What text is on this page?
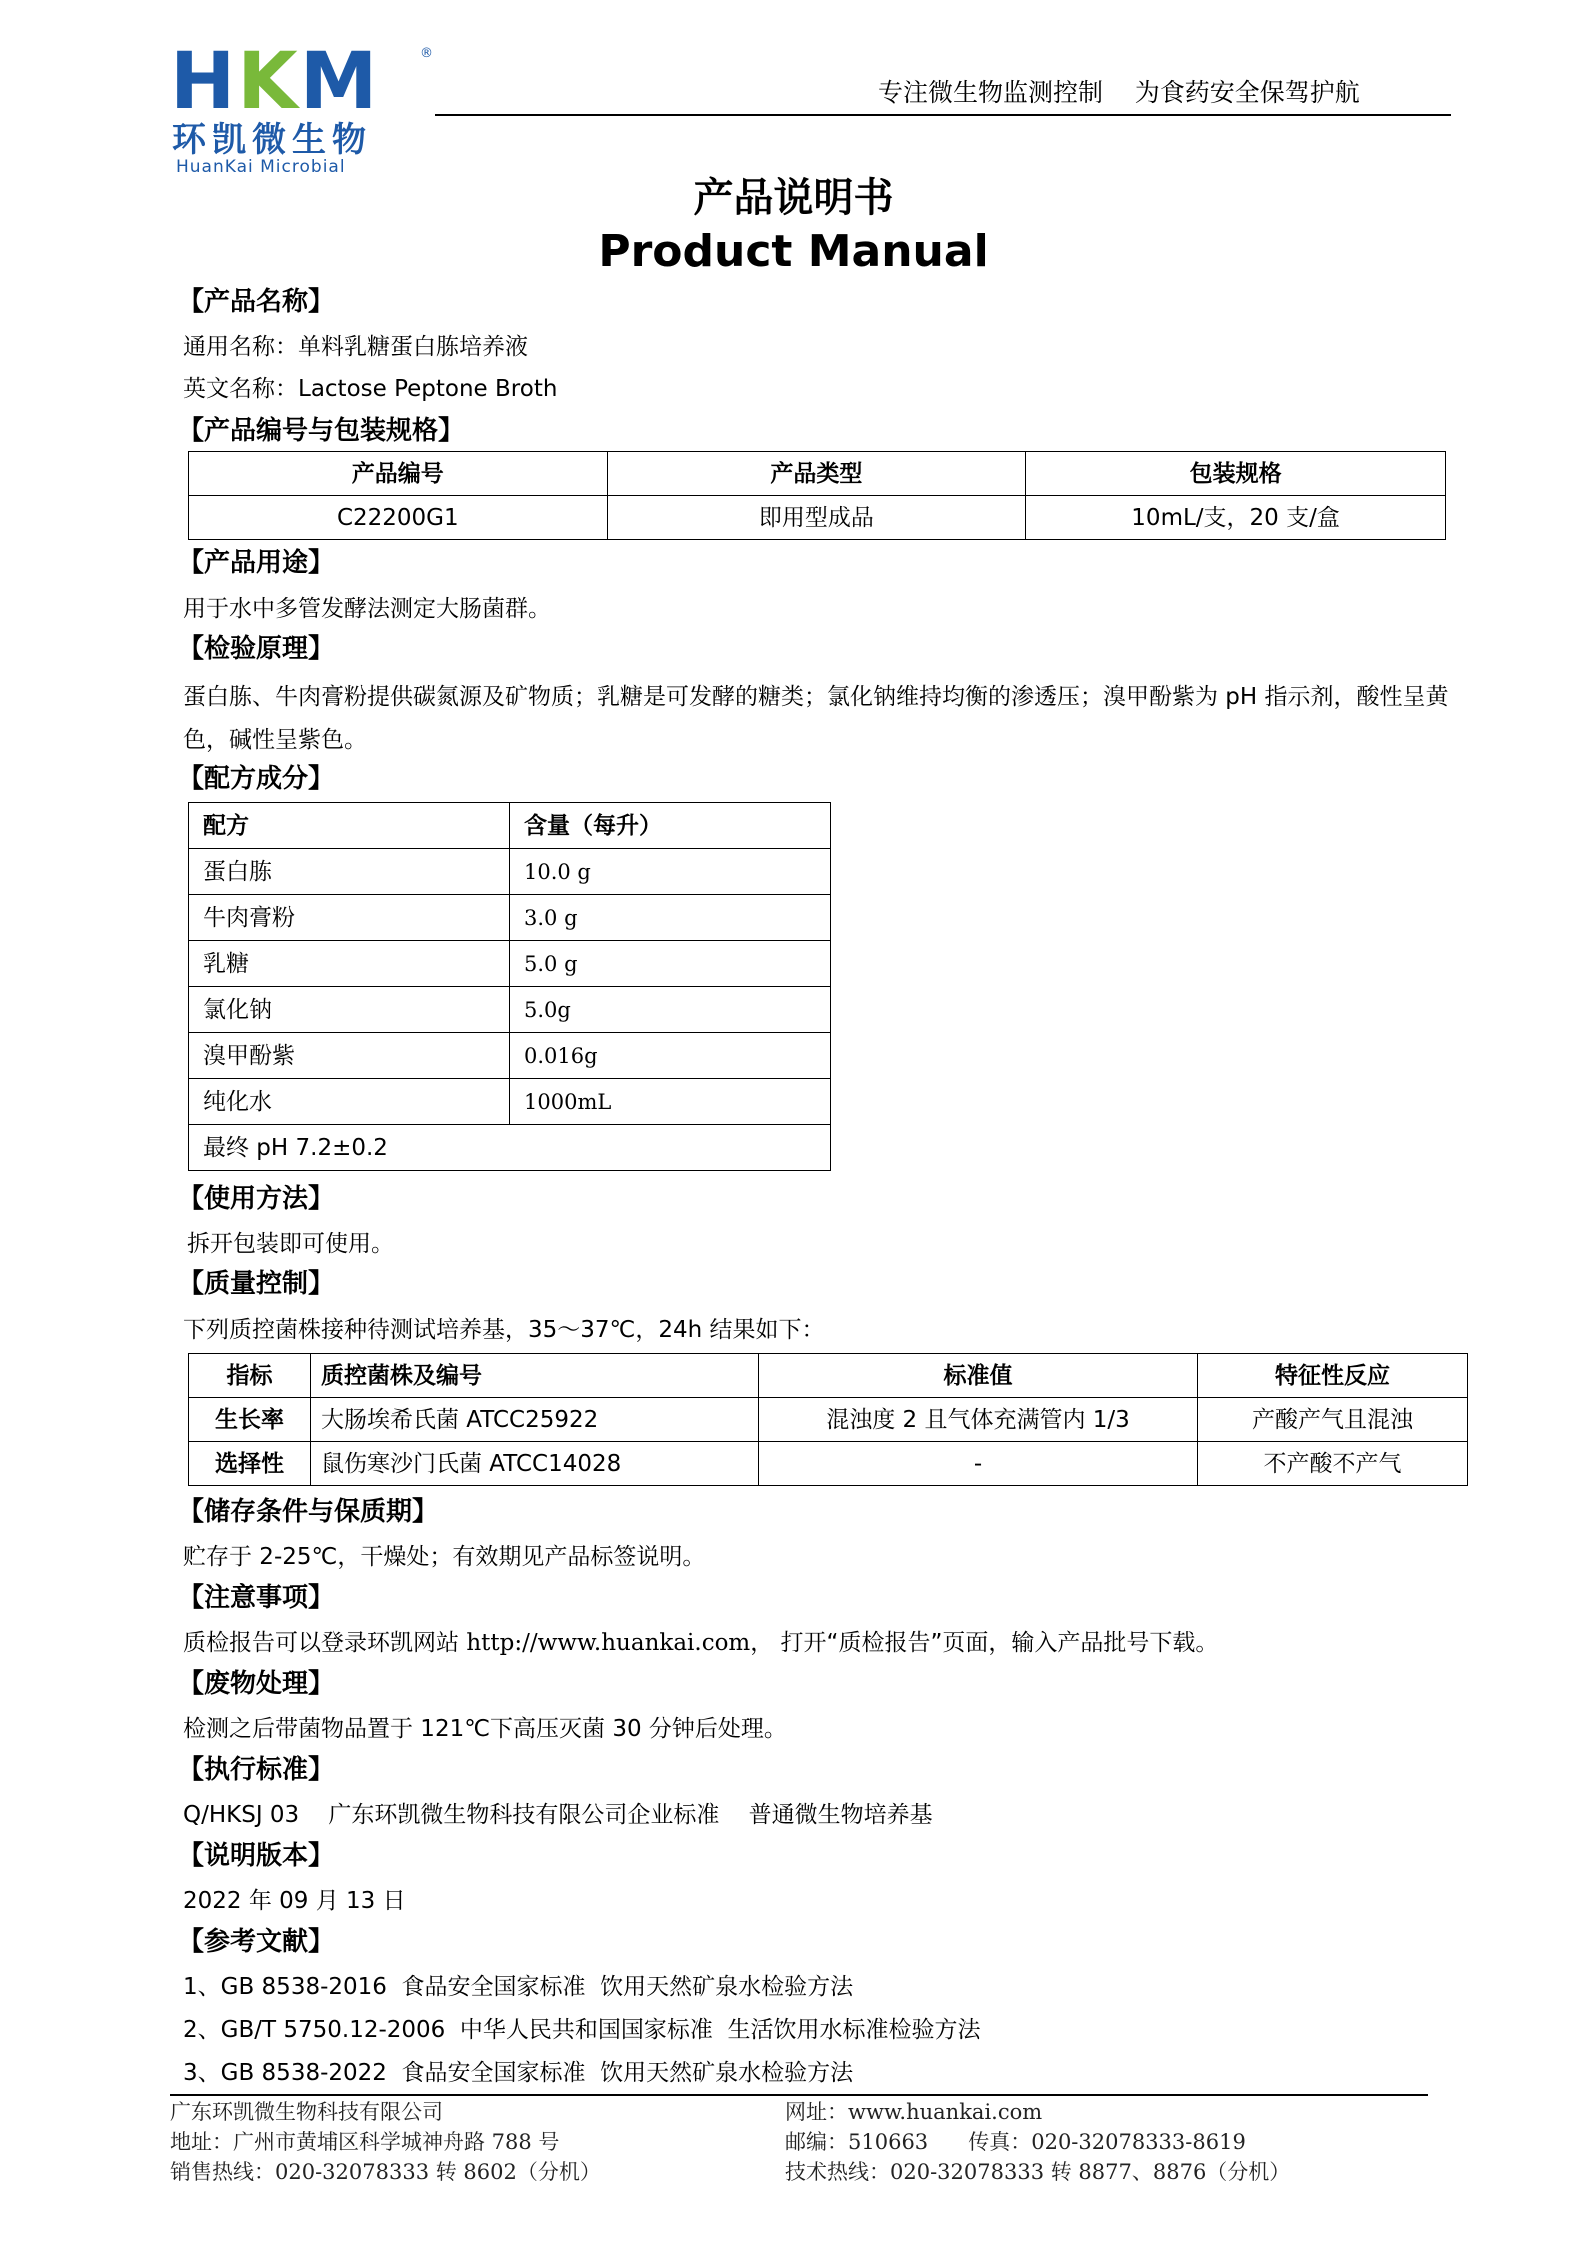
HKM	®
环凯微生物
HuanKai Microbial
专注微生物监测控制    为食药安全保驾护航
产品说明书
Product Manual
【产品名称】
通用名称：单料乳糖蛋白胨培养液
英文名称：Lactose Peptone Broth
【产品编号与包装规格】
产品编号	产品类型	包装规格
C22200G1	即用型成品	10mL/支，20 支/盒
【产品用途】
用于水中多管发酵法测定大肠菌群。
【检验原理】
蛋白胨、牛肉膏粉提供碳氮源及矿物质；乳糖是可发酵的糖类；氯化钠维持均衡的渗透压；溴甲酚紫为 pH 指示剂，酸性呈黄色，碱性呈紫色。
【配方成分】
配方	含量（每升）
蛋白胨	10.0 g
牛肉膏粉	3.0 g
乳糖	5.0 g
氯化钠	5.0g
溴甲酚紫	0.016g
纯化水	1000mL
最终 pH 7.2±0.2	
【使用方法】
拆开包装即可使用。
【质量控制】
下列质控菌株接种待测试培养基，35～37℃，24h 结果如下：
指标	质控菌株及编号	标准值	特征性反应
生长率	大肠埃希氏菌 ATCC25922	混浊度 2 且气体充满管内 1/3	产酸产气且混浊
选择性	鼠伤寒沙门氏菌 ATCC14028	-	不产酸不产气
【储存条件与保质期】
贮存于 2-25℃，干燥处；有效期见产品标签说明。
【注意事项】
质检报告可以登录环凯网站 http://www.huankai.com， 打开“质检报告”页面，输入产品批号下载。
【废物处理】
检测之后带菌物品置于 121℃下高压灭菌 30 分钟后处理。
【执行标准】
Q/HKSJ 03    广东环凯微生物科技有限公司企业标准    普通微生物培养基
【说明版本】
2022 年 09 月 13 日
【参考文献】
1、GB 8538-2016  食品安全国家标准  饮用天然矿泉水检验方法
2、GB/T 5750.12-2006  中华人民共和国国家标准  生活饮用水标准检验方法
3、GB 8538-2022  食品安全国家标准  饮用天然矿泉水检验方法
广东环凯微生物科技有限公司
地址：广州市黄埔区科学城神舟路 788 号
销售热线：020-32078333 转 8602（分机）
网址：www.huankai.com
邮编：510663      传真：020-32078333-8619
技术热线：020-32078333 转 8877、8876（分机）
